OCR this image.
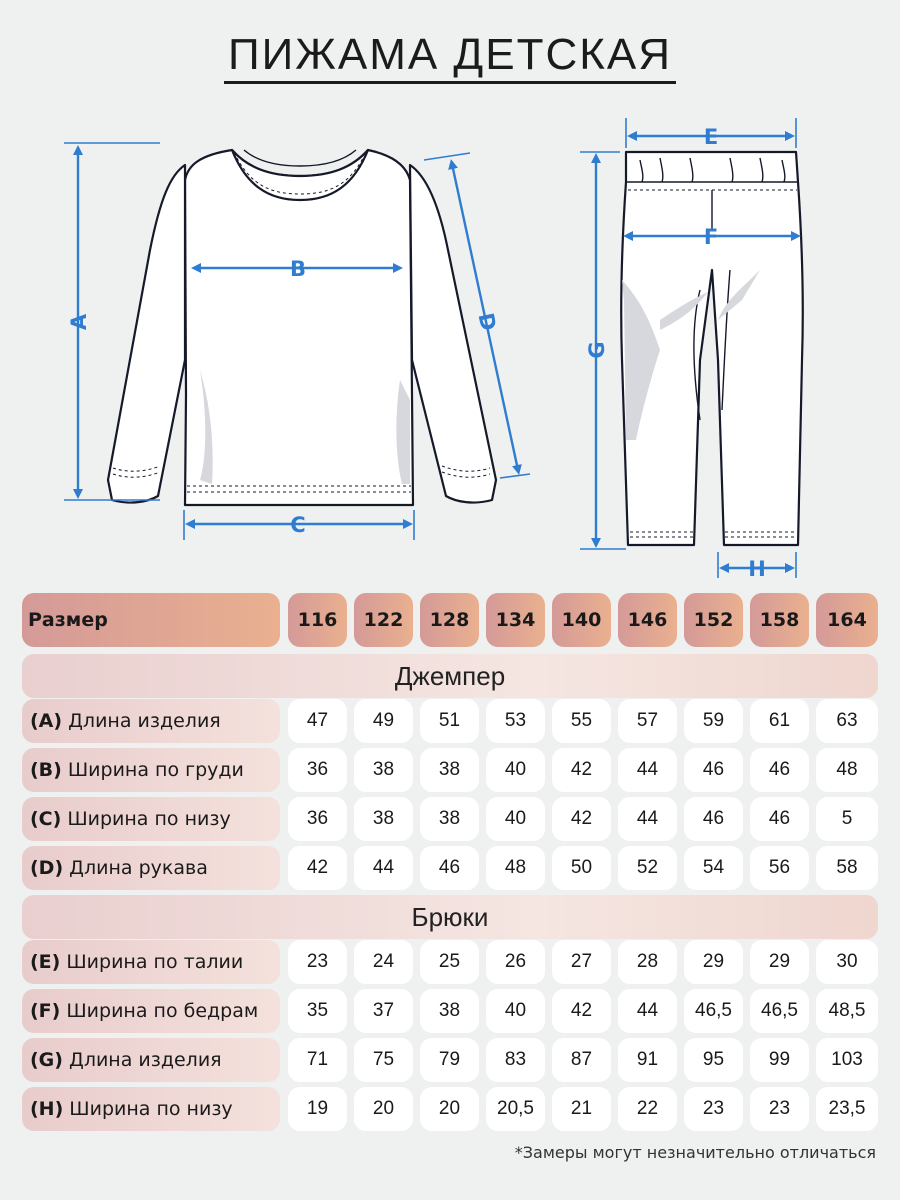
ПИЖАМА ДЕТСКАЯ
A
B
C
D
E
F
G
H
Размер	116	122	128	134	140	146	152	158	164
Джемпер
(A) Длина изделия	47	49	51	53	55	57	59	61	63
(B) Ширина по груди	36	38	38	40	42	44	46	46	48
(C) Ширина по низу	36	38	38	40	42	44	46	46	5
(D) Длина рукава	42	44	46	48	50	52	54	56	58
Брюки
(E) Ширина по талии	23	24	25	26	27	28	29	29	30
(F) Ширина по бедрам	35	37	38	40	42	44	46,5	46,5	48,5
(G) Длина изделия	71	75	79	83	87	91	95	99	103
(H) Ширина по низу	19	20	20	20,5	21	22	23	23	23,5
*Замеры могут незначительно отличаться
